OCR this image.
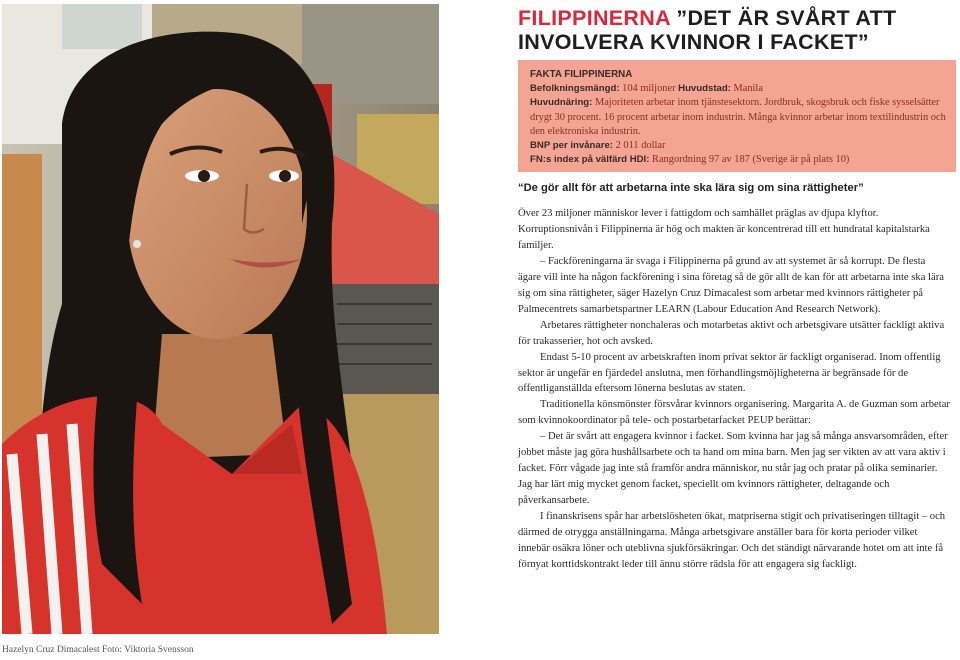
Hazelyn Cruz Dimacalest Foto: Viktoria Svensson
FILIPPINERNA ”DET ÄR SVÅRT ATT INVOLVERA KVINNOR I FACKET”
FAKTA FILIPPINERNA
Befolkningsmängd: 104 miljoner Huvudstad: Manila
Huvudnäring: Majoriteten arbetar inom tjänstesektorn. Jordbruk, skogsbruk och fiske sysselsätter drygt 30 procent. 16 procent arbetar inom industrin. Många kvinnor arbetar inom textilindustrin och den elektroniska industrin.
BNP per invånare: 2 011 dollar
FN:s index på välfärd HDI: Rangordning 97 av 187 (Sverige är på plats 10)
“De gör allt för att arbetarna inte ska lära sig om sina rättigheter”

Över 23 miljoner människor lever i fattigdom och samhället präglas av djupa klyftor. Korruptionsnivån i Filippinerna är hög och makten är koncentrerad till ett hundratal kapitalstarka familjer.

– Fackföreningarna är svaga i Filippinerna på grund av att systemet är så korrupt. De flesta ägare vill inte ha någon fackförening i sina företag så de gör allt de kan för att arbetarna inte ska lära sig om sina rättigheter, säger Hazelyn Cruz Dimacalest som arbetar med kvinnors rättigheter på Palmecentrets samarbetspartner LEARN (Labour Education And Research Network).

Arbetares rättigheter nonchaleras och motarbetas aktivt och arbetsgivare utsätter fackligt aktiva för trakasserier, hot och avsked.

Endast 5-10 procent av arbetskraften inom privat sektor är fackligt organiserad. Inom offentlig sektor är ungefär en fjärdedel anslutna, men förhandlingsmöjligheterna är begränsade för de offentliganställda eftersom lönerna beslutas av staten.

Traditionella könsmönster försvårar kvinnors organisering. Margarita A. de Guzman som arbetar som kvinnokoordinator på tele- och postarbetarfacket PEUP berättar:

– Det är svårt att engagera kvinnor i facket. Som kvinna har jag så många ansvarsområden, efter jobbet måste jag göra hushållsarbete och ta hand om mina barn. Men jag ser vikten av att vara aktiv i facket. Förr vågade jag inte stå framför andra människor, nu står jag och pratar på olika seminarier. Jag har lärt mig mycket genom facket, speciellt om kvinnors rättigheter, deltagande och påverkansarbete.

I finanskrisens spår har arbetslösheten ökat, matpriserna stigit och privatiseringen tilltagit – och därmed de otrygga anställningarna. Många arbetsgivare anställer bara för korta perioder vilket innebär osäkra löner och uteblivna sjukförsäkringar. Och det ständigt närvarande hotet om att inte få förnyat korttidskontrakt leder till ännu större rädsla för att engagera sig fackligt.
